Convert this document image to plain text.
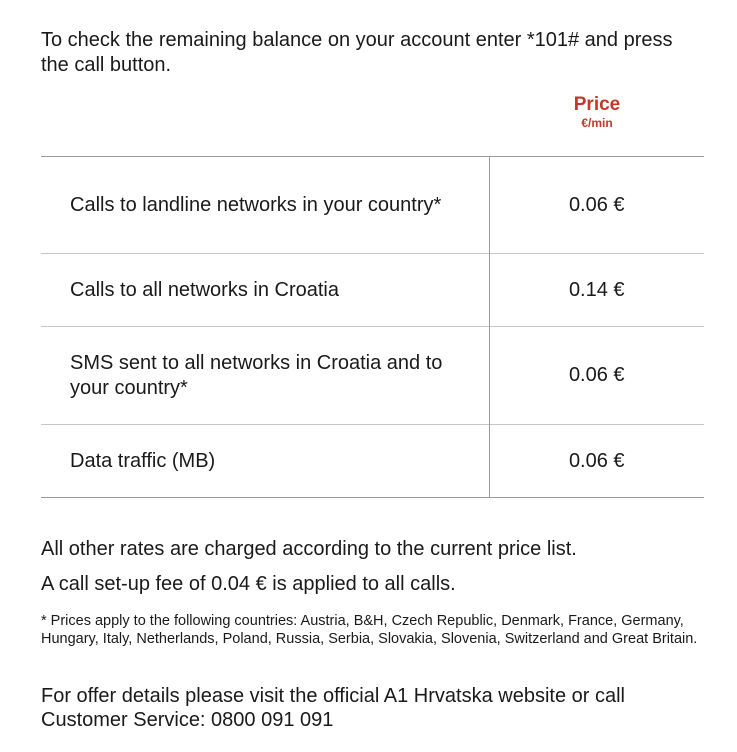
To check the remaining balance on your account enter *101# and press the call button.

Price
€/min
Calls to landline networks in your country*	0.06 €
Calls to all networks in Croatia	0.14 €
SMS sent to all networks in Croatia and to your country*	0.06 €
Data traffic (MB)	0.06 €

All other rates are charged according to the current price list.

A call set-up fee of 0.04 € is applied to all calls.

* Prices apply to the following countries: Austria, B&H, Czech Republic, Denmark, France, Germany, Hungary, Italy, Netherlands, Poland, Russia, Serbia, Slovakia, Slovenia, Switzerland and Great Britain.

For offer details please visit the official A1 Hrvatska website or call Customer Service: 0800 091 091
